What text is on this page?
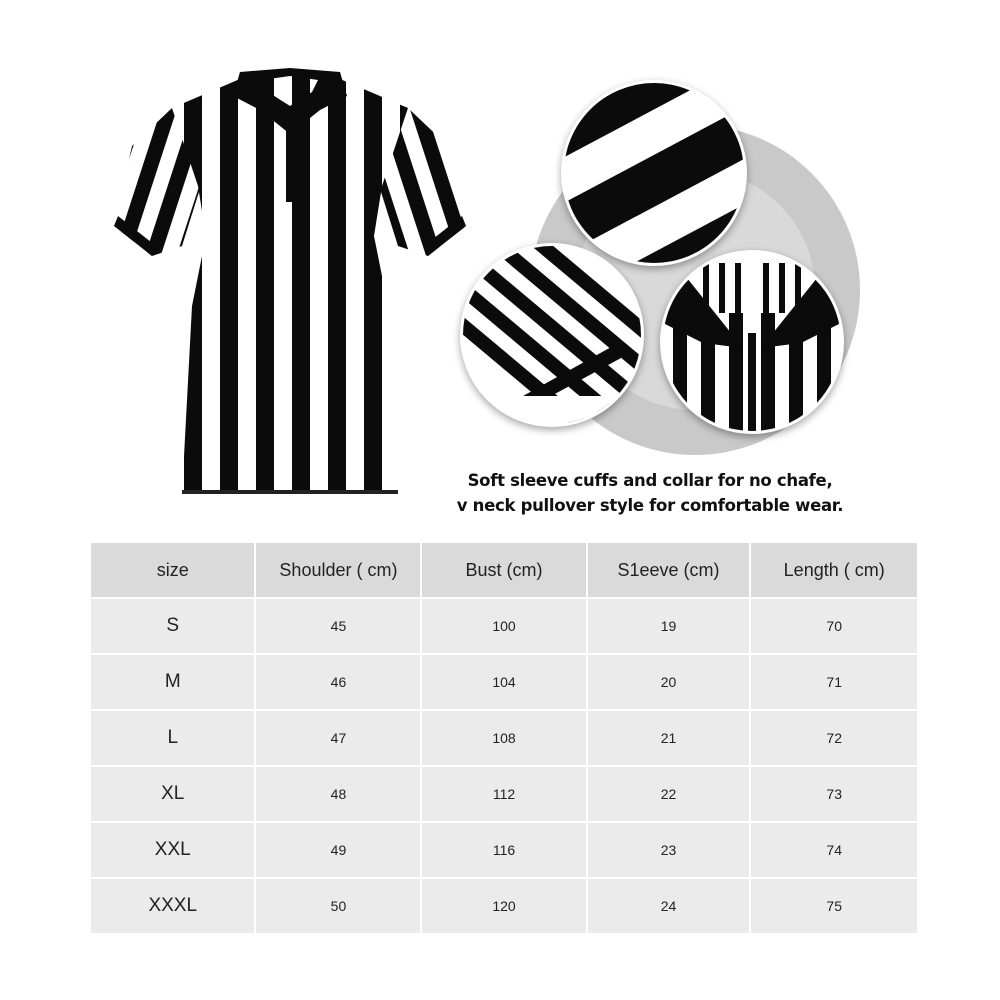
Soft sleeve cuffs and collar for no chafe,
v neck pullover style for comfortable wear.
size	Shoulder ( cm)	Bust (cm)	S1eeve (cm)	Length ( cm)
S	45	100	19	70
M	46	104	20	71
L	47	108	21	72
XL	48	112	22	73
XXL	49	116	23	74
XXXL	50	120	24	75
